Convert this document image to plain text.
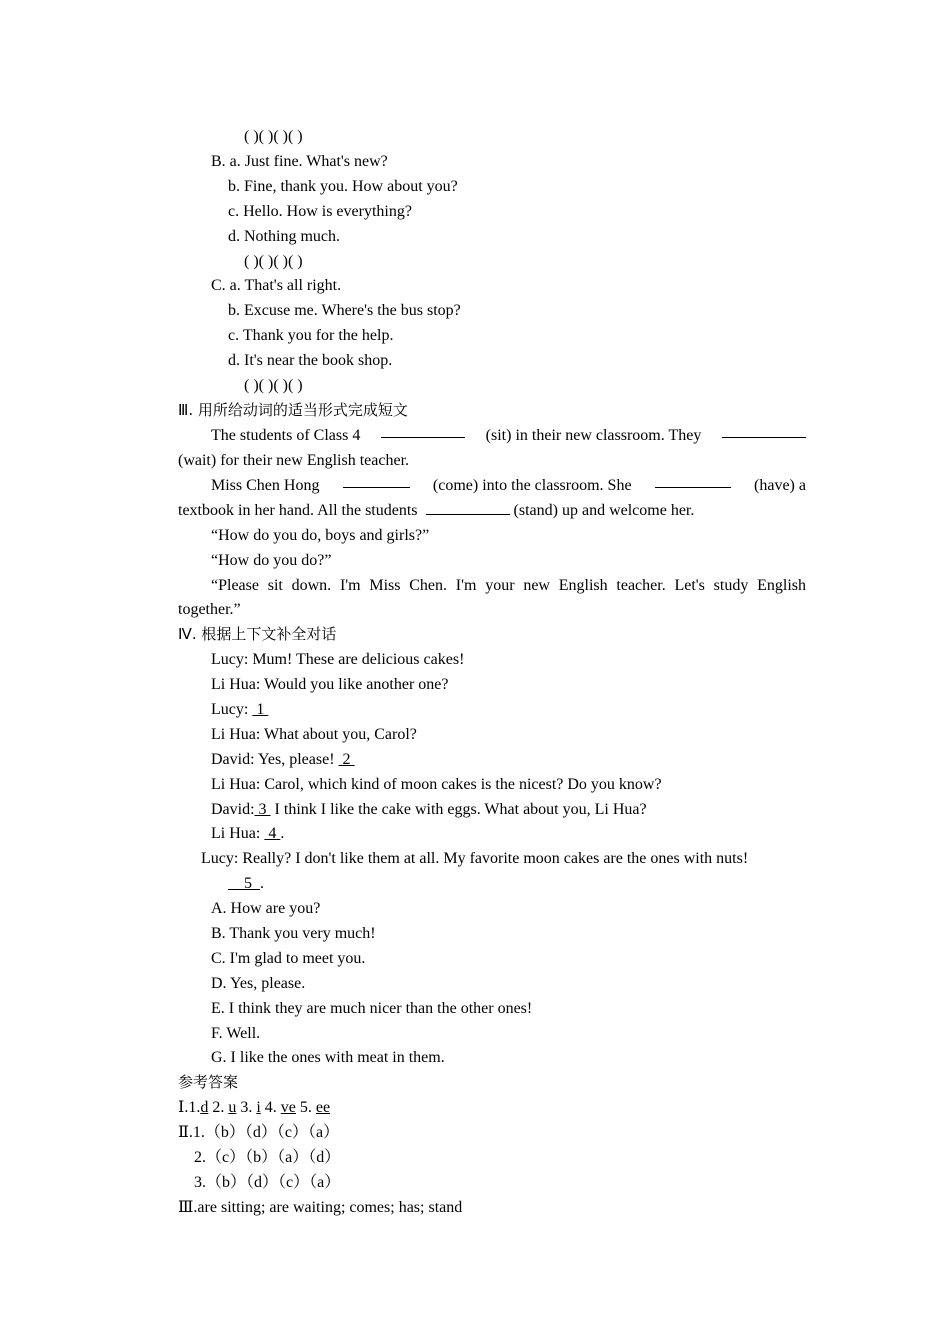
( )( )( )( )
B. a. Just fine. What's new?
b. Fine, thank you. How about you?
c. Hello. How is everything?
d. Nothing much.
( )( )( )( )
C. a. That's all right.
b. Excuse me. Where's the bus stop?
c. Thank you for the help.
d. It's near the book shop.
( )( )( )( )
Ⅲ. 用所给动词的适当形式完成短文
The students of Class 4	(sit) in their new classroom. They
(wait) for their new English teacher.
Miss Chen Hong	(come) into the classroom. She	(have) a
textbook in her hand. All the students	(stand) up and welcome her.
“How do you do, boys and girls?”
“How do you do?”
“Please sit down. I'm Miss Chen. I'm your new English teacher. Let's study English
together.”
Ⅳ. 根据上下文补全对话
Lucy: Mum! These are delicious cakes!
Li Hua: Would you like another one?
Lucy:  1
Li Hua: What about you, Carol?
David: Yes, please!  2
Li Hua: Carol, which kind of moon cakes is the nicest? Do you know?
David: 3  I think I like the cake with eggs. What about you, Li Hua?
Li Hua:  4 .
Lucy: Really? I don't like them at all. My favorite moon cakes are the ones with nuts!
5  .
A. How are you?
B. Thank you very much!
C. I'm glad to meet you.
D. Yes, please.
E. I think they are much nicer than the other ones!
F. Well.
G. I like the ones with meat in them.
参考答案
Ⅰ.1.d 2. u 3. i 4. ve 5. ee
Ⅱ.1.（b）（d）（c）（a）
2.（c）（b）（a）（d）
3.（b）（d）（c）（a）
Ⅲ.are sitting; are waiting; comes; has; stand
